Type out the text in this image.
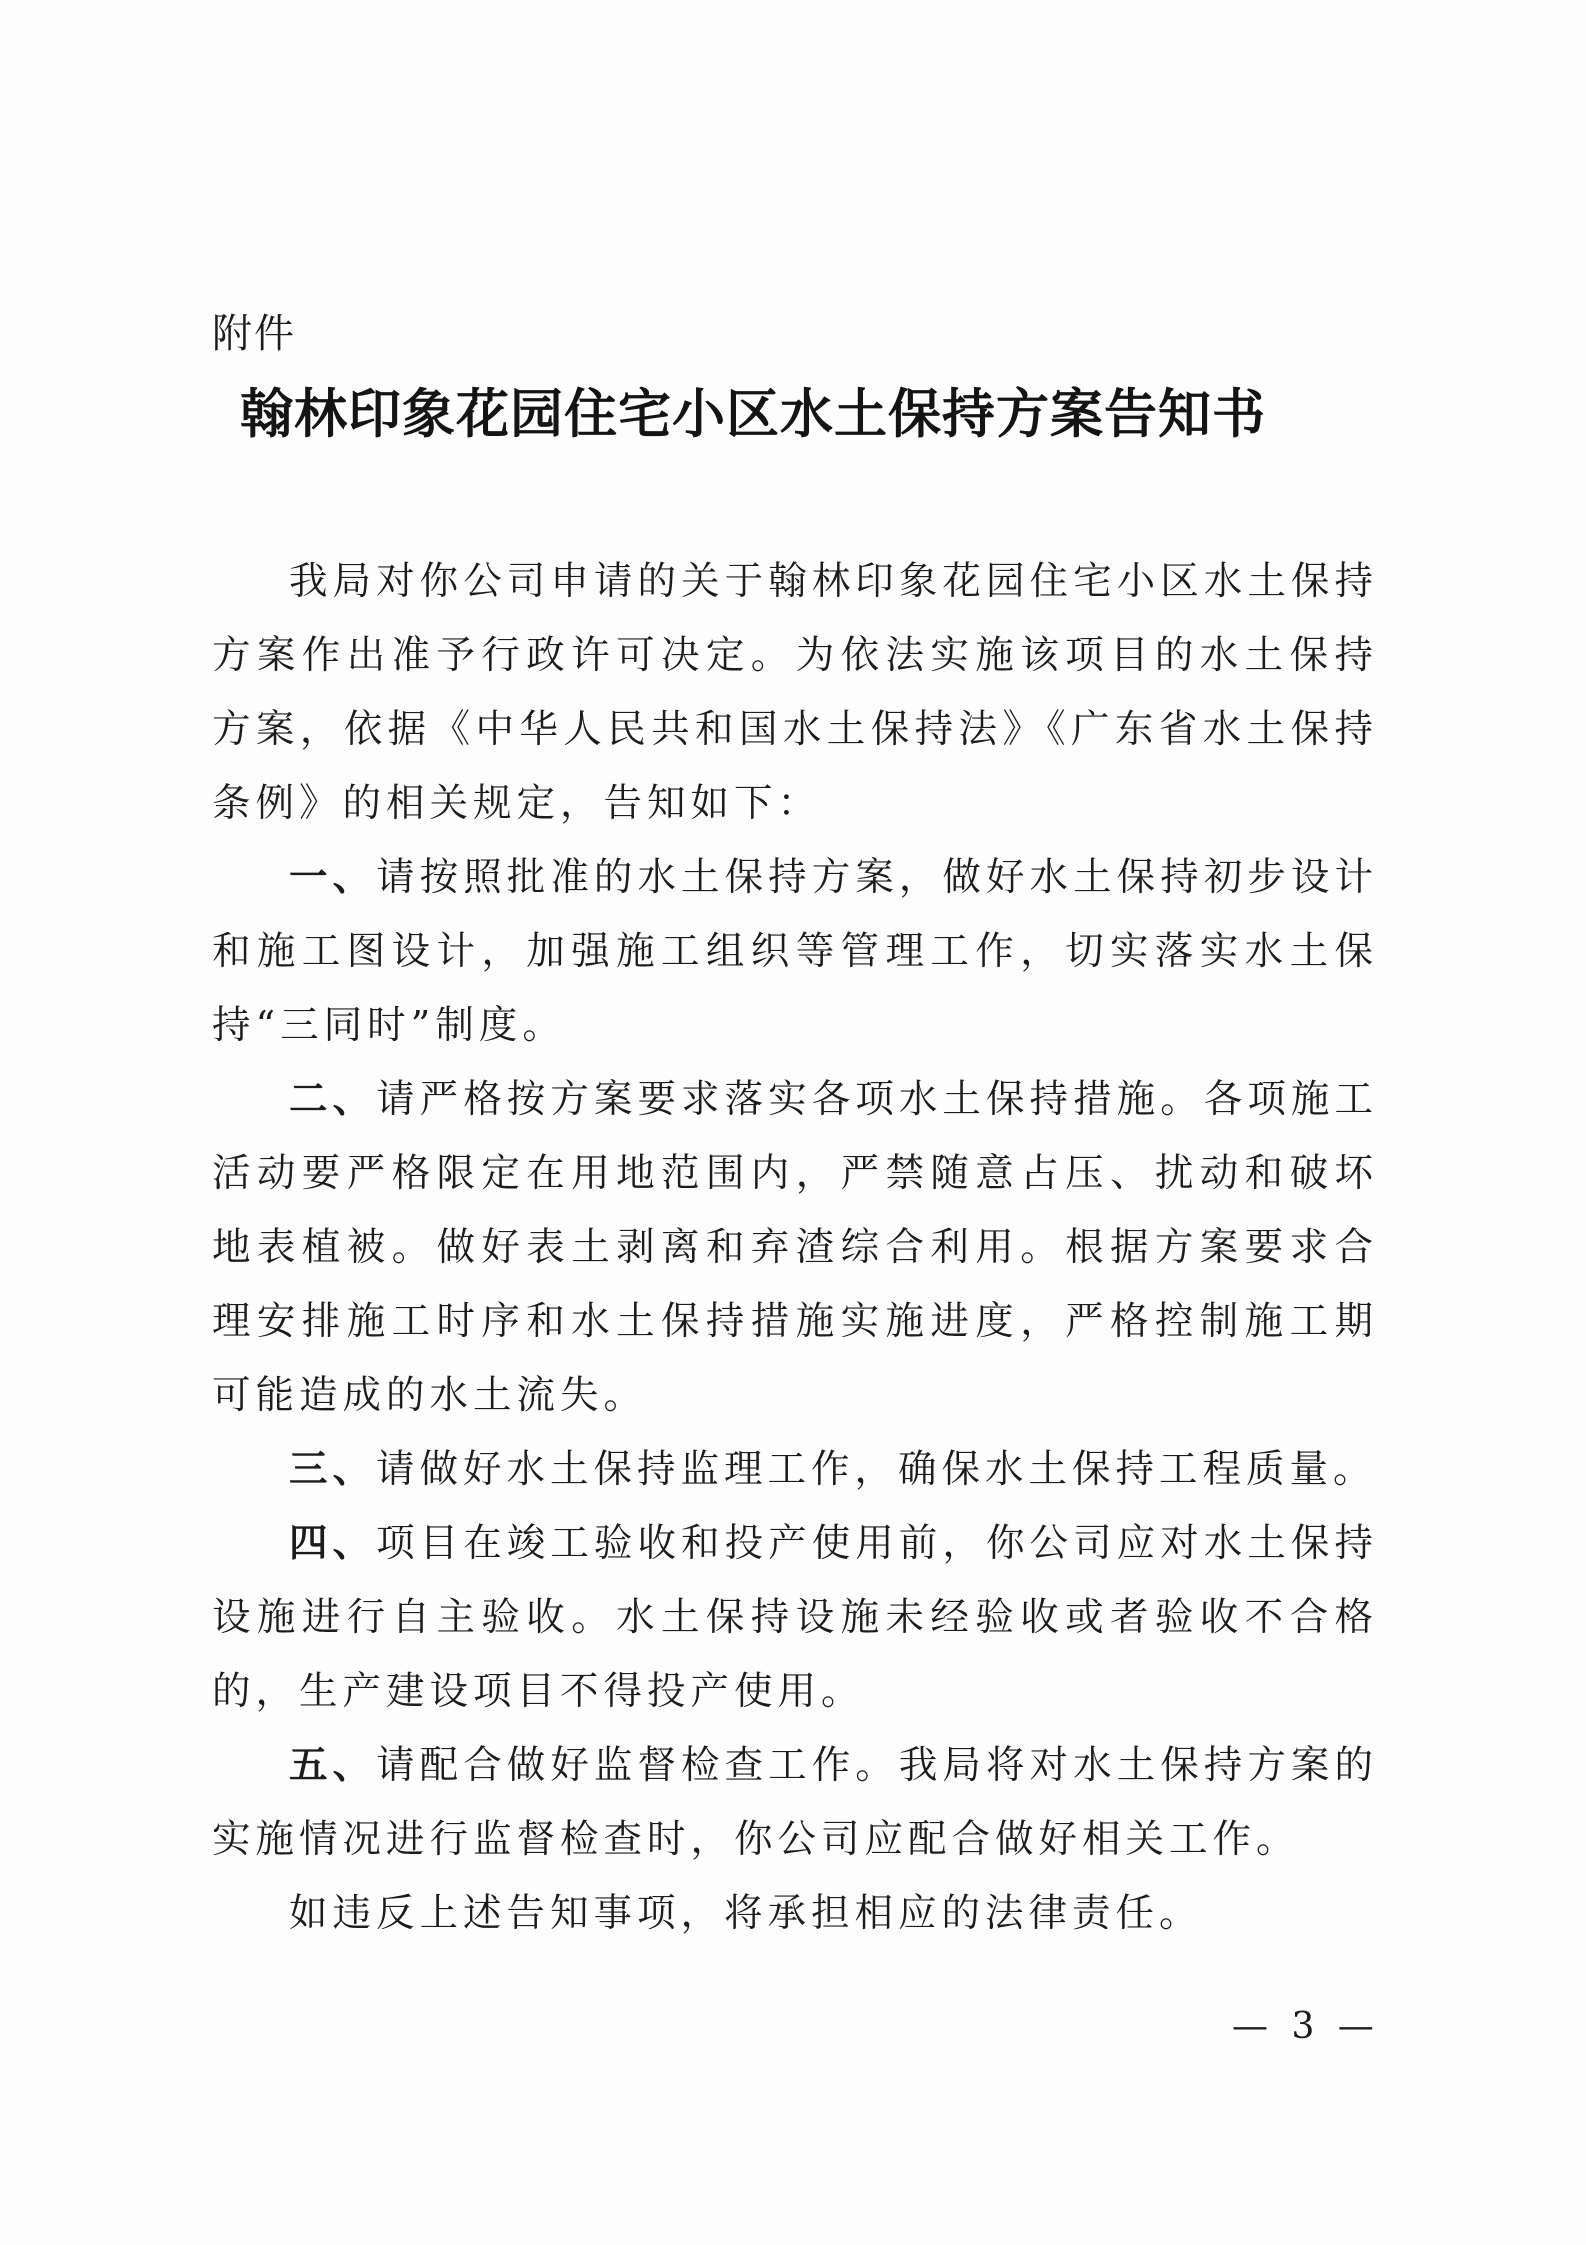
附件
翰林印象花园住宅小区水土保持方案告知书

我局对你公司申请的关于翰林印象花园住宅小区水土保持方案作出准予行政许可决定。为依法实施该项目的水土保持方案，依据《中华人民共和国水土保持法》《广东省水土保持条例》的相关规定，告知如下：

一、请按照批准的水土保持方案，做好水土保持初步设计和施工图设计，加强施工组织等管理工作，切实落实水土保持“三同时”制度。

二、请严格按方案要求落实各项水土保持措施。各项施工活动要严格限定在用地范围内，严禁随意占压、扰动和破坏地表植被。做好表土剥离和弃渣综合利用。根据方案要求合理安排施工时序和水土保持措施实施进度，严格控制施工期可能造成的水土流失。

三、请做好水土保持监理工作，确保水土保持工程质量。

四、项目在竣工验收和投产使用前，你公司应对水土保持设施进行自主验收。水土保持设施未经验收或者验收不合格的，生产建设项目不得投产使用。

五、请配合做好监督检查工作。我局将对水土保持方案的实施情况进行监督检查时，你公司应配合做好相关工作。

如违反上述告知事项，将承担相应的法律责任。

— 3 —
